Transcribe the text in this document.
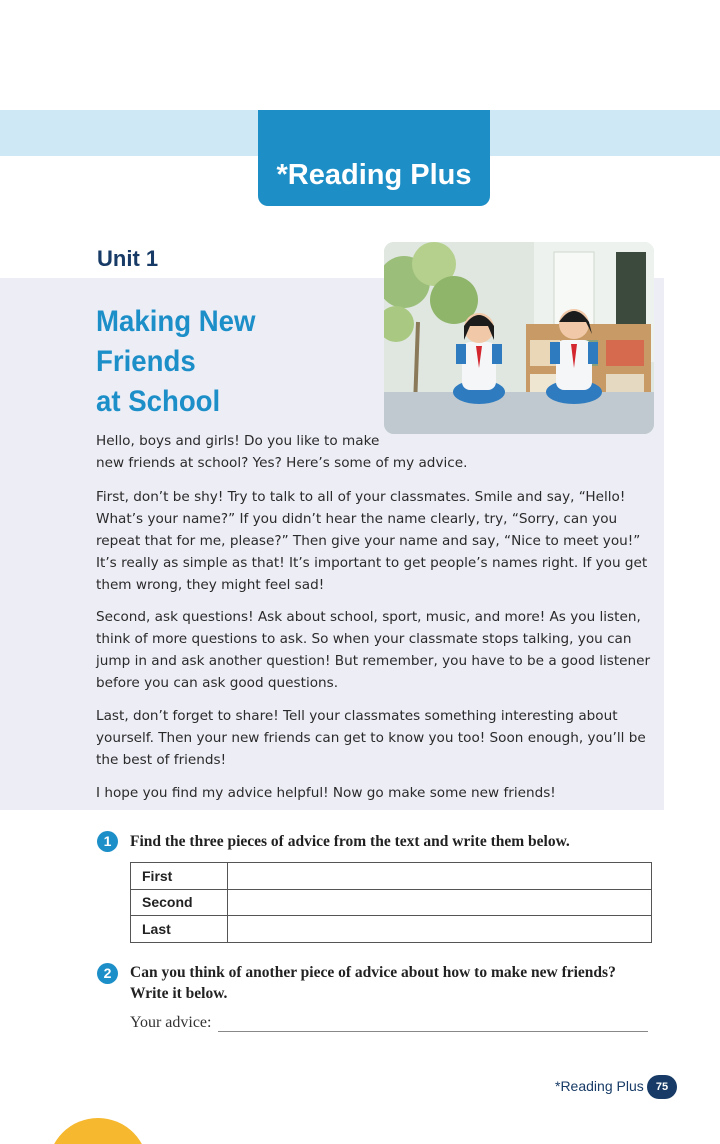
*Reading Plus
Unit 1
Making New Friends
at School
Hello, boys and girls! Do you like to make
new friends at school? Yes? Here’s some of my advice.
First, don’t be shy! Try to talk to all of your classmates. Smile and say, “Hello! What’s your name?” If you didn’t hear the name clearly, try, “Sorry, can you repeat that for me, please?” Then give your name and say, “Nice to meet you!” It’s really as simple as that! It’s important to get people’s names right. If you get them wrong, they might feel sad!
Second, ask questions! Ask about school, sport, music, and more! As you listen, think of more questions to ask. So when your classmate stops talking, you can jump in and ask another question! But remember, you have to be a good listener before you can ask good questions.
Last, don’t forget to share! Tell your classmates something interesting about yourself. Then your new friends can get to know you too! Soon enough, you’ll be the best of friends!
I hope you find my advice helpful! Now go make some new friends!
1	Find the three pieces of advice from the text and write them below.
First	
Second	
Last	
2	Can you think of another piece of advice about how to make new friends?
Write it below.
Your advice:
*Reading Plus	75
